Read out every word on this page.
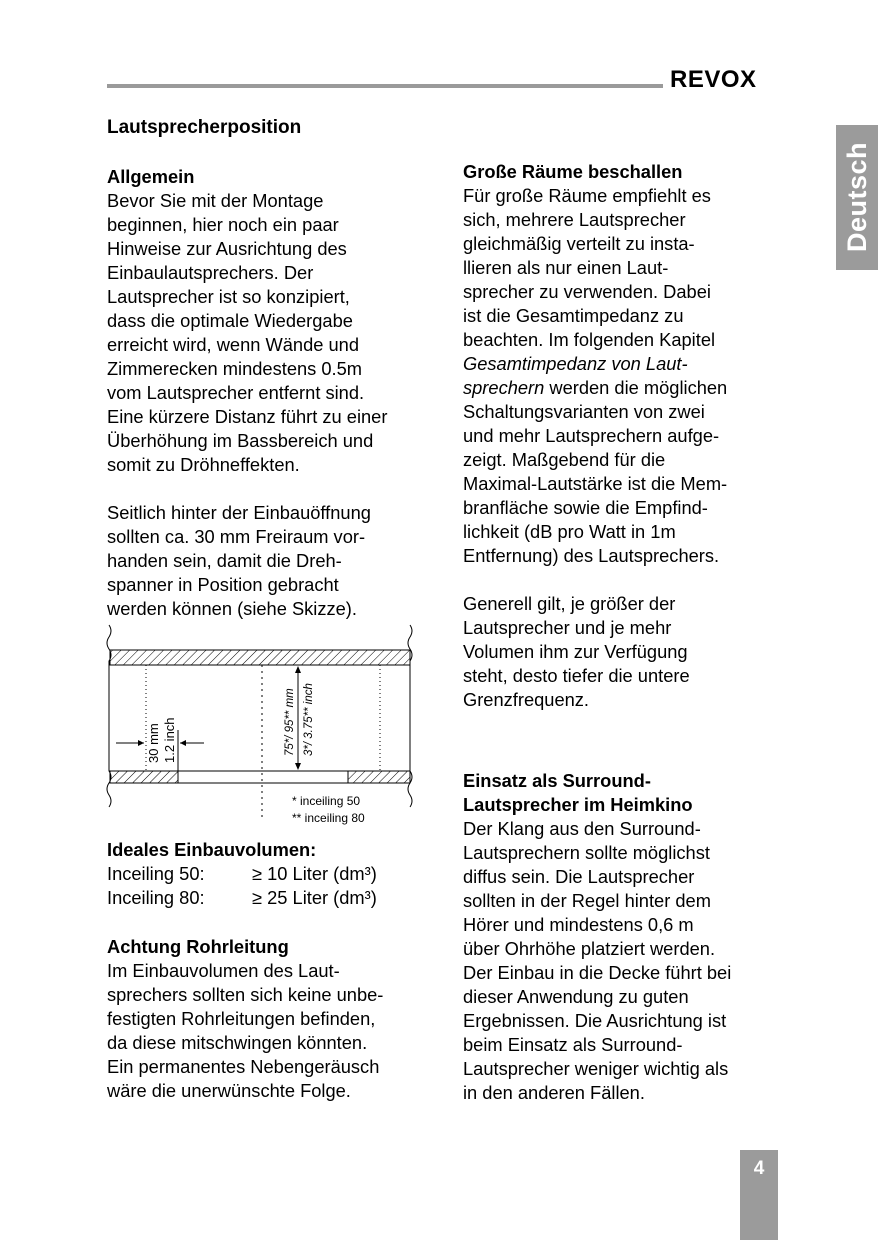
REVOX
Deutsch
Lautsprecherposition
Allgemein

Bevor Sie mit der Montage

beginnen, hier noch ein paar

Hinweise zur Ausrichtung des

Einbaulautsprechers. Der

Lautsprecher ist so konzipiert,

dass die optimale Wiedergabe

erreicht wird, wenn Wände und

Zimmerecken mindestens 0.5m

vom Lautsprecher entfernt sind.

Eine kürzere Distanz führt zu einer

Überhöhung im Bassbereich und

somit zu Dröhneffekten.

Seitlich hinter der Einbauöffnung

sollten ca. 30 mm Freiraum vor-

handen sein, damit die Dreh-

spanner in Position gebracht

werden können (siehe Skizze).

30 mm 1.2 inch	75*/ 95** mm 3*/ 3.75** inch
* inceiling 50
** inceiling 80
Ideales Einbauvolumen:
Inceiling 50:	≥ 10 Liter (dm³)
Inceiling 80:	≥ 25 Liter (dm³)
Achtung Rohrleitung

Im Einbauvolumen des Laut-

sprechers sollten sich keine unbe-

festigten Rohrleitungen befinden,

da diese mitschwingen könnten.

Ein permanentes Nebengeräusch

wäre die unerwünschte Folge.

Große Räume beschallen

Für große Räume empfiehlt es

sich, mehrere Lautsprecher

gleichmäßig verteilt zu insta-

llieren als nur einen Laut-

sprecher zu verwenden. Dabei

ist die Gesamtimpedanz zu

beachten. Im folgenden Kapitel

Gesamtimpedanz von Laut-

sprechern werden die möglichen

Schaltungsvarianten von zwei

und mehr Lautsprechern aufge-

zeigt. Maßgebend für die

Maximal-Lautstärke ist die Mem-

branfläche sowie die Empfind-

lichkeit (dB pro Watt in 1m

Entfernung) des Lautsprechers.

Generell gilt, je größer der

Lautsprecher und je mehr

Volumen ihm zur Verfügung

steht, desto tiefer die untere

Grenzfrequenz.

Einsatz als Surround-
Lautsprecher im Heimkino

Der Klang aus den Surround-

Lautsprechern sollte möglichst

diffus sein. Die Lautsprecher

sollten in der Regel hinter dem

Hörer und mindestens 0,6 m

über Ohrhöhe platziert werden.

Der Einbau in die Decke führt bei

dieser Anwendung zu guten

Ergebnissen. Die Ausrichtung ist

beim Einsatz als Surround-

Lautsprecher weniger wichtig als

in den anderen Fällen.

4
